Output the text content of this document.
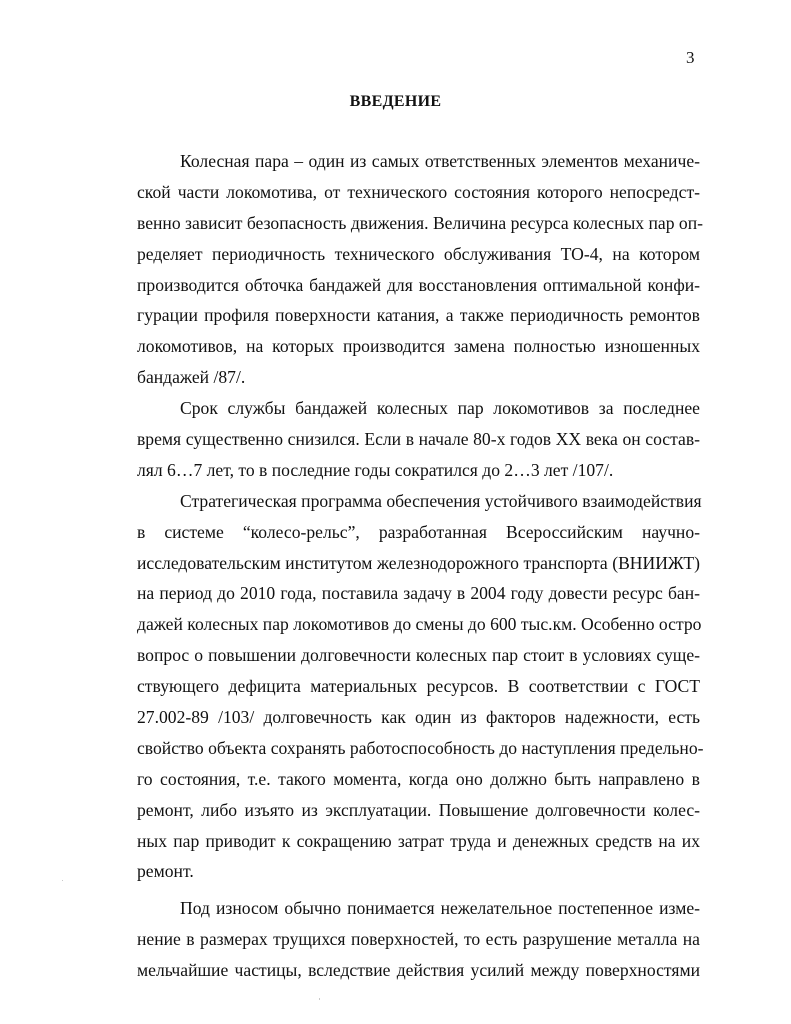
3
ВВЕДЕНИЕ
Колесная пара – один из самых ответственных элементов механиче-
ской части локомотива, от технического состояния которого непосредст-
венно зависит безопасность движения. Величина ресурса колесных пар оп-
ределяет периодичность технического обслуживания ТО-4, на котором
производится обточка бандажей для восстановления оптимальной конфи-
гурации профиля поверхности катания, а также периодичность ремонтов
локомотивов, на которых производится замена полностью изношенных
бандажей /87/.
Срок службы бандажей колесных пар локомотивов за последнее
время существенно снизился. Если в начале 80-х годов XX века он состав-
лял 6…7 лет, то в последние годы сократился до 2…3 лет /107/.
Стратегическая программа обеспечения устойчивого взаимодействия
в системе “колесо-рельс”, разработанная Всероссийским научно-
исследовательским институтом железнодорожного транспорта (ВНИИЖТ)
на период до 2010 года, поставила задачу в 2004 году довести ресурс бан-
дажей колесных пар локомотивов до смены до 600 тыс.км. Особенно остро
вопрос о повышении долговечности колесных пар стоит в условиях суще-
ствующего дефицита материальных ресурсов. В соответствии с ГОСТ
27.002-89 /103/ долговечность как один из факторов надежности, есть
свойство объекта сохранять работоспособность до наступления предельно-
го состояния, т.е. такого момента, когда оно должно быть направлено в
ремонт, либо изъято из эксплуатации. Повышение долговечности колес-
ных пар приводит к сокращению затрат труда и денежных средств на их
ремонт.
Под износом обычно понимается нежелательное постепенное изме-
нение в размерах трущихся поверхностей, то есть разрушение металла на
мельчайшие частицы, вследствие действия усилий между поверхностями
